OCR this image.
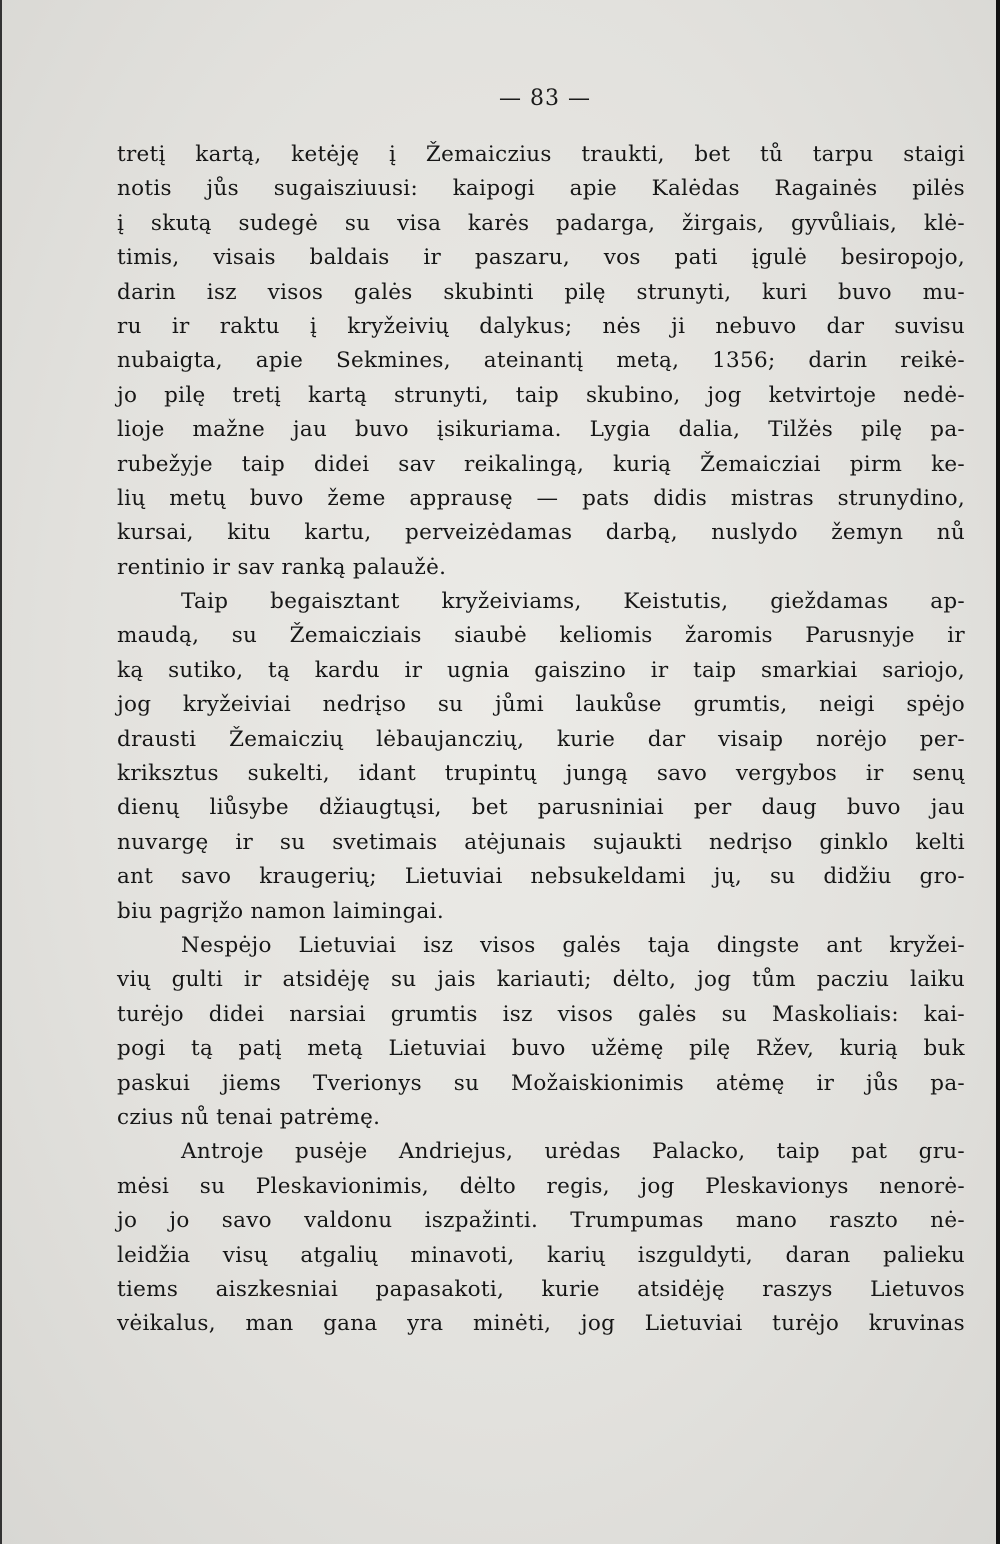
— 83 —
tretį kartą, ketėję į Žemaiczius traukti, bet tů tarpu staigi
notis jůs sugaisziuusi: kaipogi apie Kalėdas Ragainės pilės
į skutą sudegė su visa karės padarga, žirgais, gyvůliais, klė-
timis, visais baldais ir paszaru, vos pati įgulė besiropojo,
darin isz visos galės skubinti pilę strunyti, kuri buvo mu-
ru ir raktu į kryžeivių dalykus; nės ji nebuvo dar suvisu
nubaigta, apie Sekmines, ateinantį metą, 1356; darin reikė-
jo pilę tretį kartą strunyti, taip skubino, jog ketvirtoje nedė-
lioje mažne jau buvo įsikuriama. Lygia dalia, Tilžės pilę pa-
rubežyje taip didei sav reikalingą, kurią Žemaicziai pirm ke-
lių metų buvo žeme apprausę — pats didis mistras strunydino,
kursai, kitu kartu, perveizėdamas darbą, nuslydo žemyn nů
rentinio ir sav ranką palaužė.
Taip begaisztant kryžeiviams, Keistutis, gieždamas ap-
maudą, su Žemaicziais siaubė keliomis žaromis Parusnyje ir
ką sutiko, tą kardu ir ugnia gaiszino ir taip smarkiai sariojo,
jog kryžeiviai nedrįso su jůmi laukůse grumtis, neigi spėjo
drausti Žemaiczių lėbaujanczių, kurie dar visaip norėjo per-
kriksztus sukelti, idant trupintų jungą savo vergybos ir senų
dienų liůsybe džiaugtųsi, bet parusniniai per daug buvo jau
nuvargę ir su svetimais atėjunais sujaukti nedrįso ginklo kelti
ant savo kraugerių; Lietuviai nebsukeldami jų, su didžiu gro-
biu pagrįžo namon laimingai.
Nespėjo Lietuviai isz visos galės taja dingste ant kryžei-
vių gulti ir atsidėję su jais kariauti; dėlto, jog tům pacziu laiku
turėjo didei narsiai grumtis isz visos galės su Maskoliais: kai-
pogi tą patį metą Lietuviai buvo užėmę pilę Ržev, kurią buk
paskui jiems Tverionys su Možaiskionimis atėmę ir jůs pa-
czius nů tenai patrėmę.
Antroje pusėje Andriejus, urėdas Palacko, taip pat gru-
mėsi su Pleskavionimis, dėlto regis, jog Pleskavionys nenorė-
jo jo savo valdonu iszpažinti. Trumpumas mano raszto nė-
leidžia visų atgalių minavoti, karių iszguldyti, daran palieku
tiems aiszkesniai papasakoti, kurie atsidėję raszys Lietuvos
vėikalus, man gana yra minėti, jog Lietuviai turėjo kruvinas
